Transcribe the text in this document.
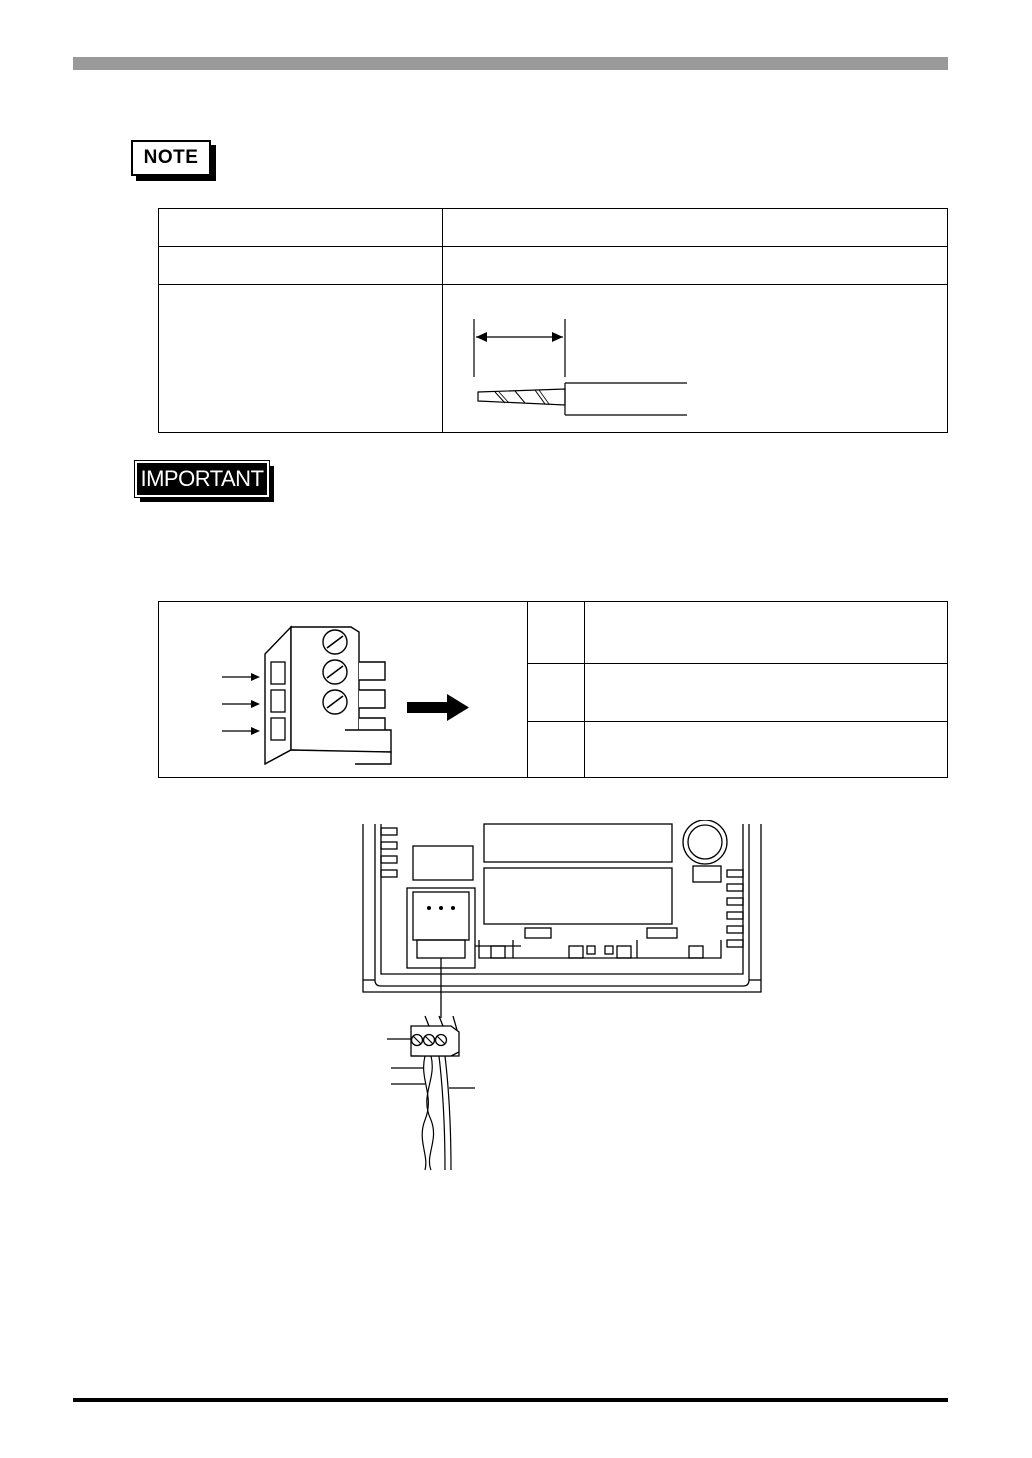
NOTE

IMPORTANT
